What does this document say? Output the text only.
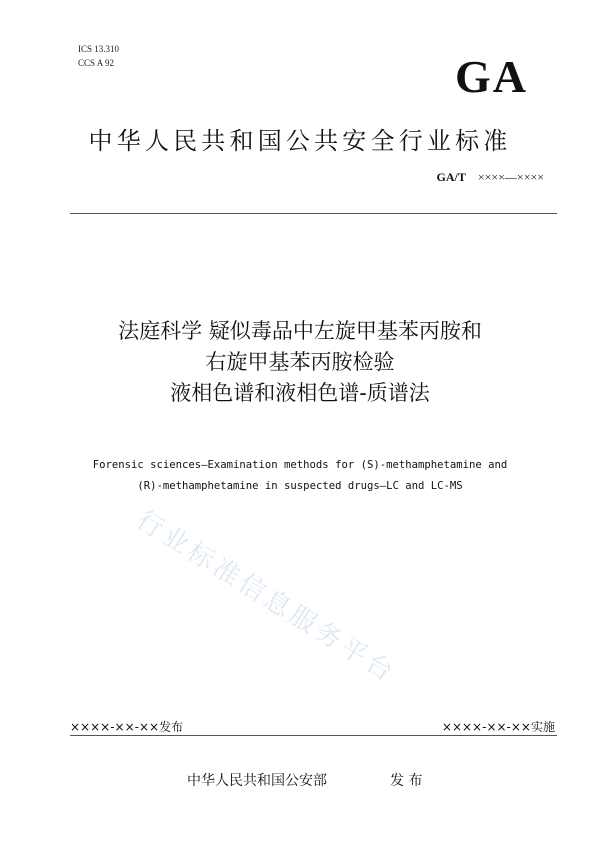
ICS 13.310
CCS A 92	GA
中华人民共和国公共安全行业标准
GA/T ××××—××××
法庭科学 疑似毒品中左旋甲基苯丙胺和
右旋甲基苯丙胺检验
液相色谱和液相色谱-质谱法
Forensic sciences—Examination methods for (S)-methamphetamine and
(R)-methamphetamine in suspected drugs—LC and LC-MS
行业标准信息服务平台
××××-××-××发布	××××-××-××实施
中华人民共和国公安部	发 布
